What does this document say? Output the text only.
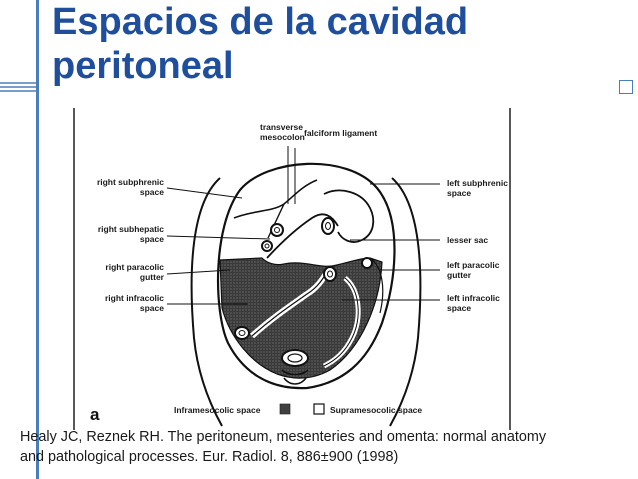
Espacios de la cavidad
peritoneal
transverse
mesocolon falciform ligament
right subphrenic
space
right subhepatic
space
right paracolic
gutter
right infracolic
space
left subphrenic
space
lesser sac
left paracolic
gutter
left infracolic
space
a	Inframesocolic space	Supramesocolic space
Healy JC, Reznek RH. The peritoneum, mesenteries and omenta: normal anatomy
and pathological processes. Eur. Radiol. 8, 886±900 (1998)
